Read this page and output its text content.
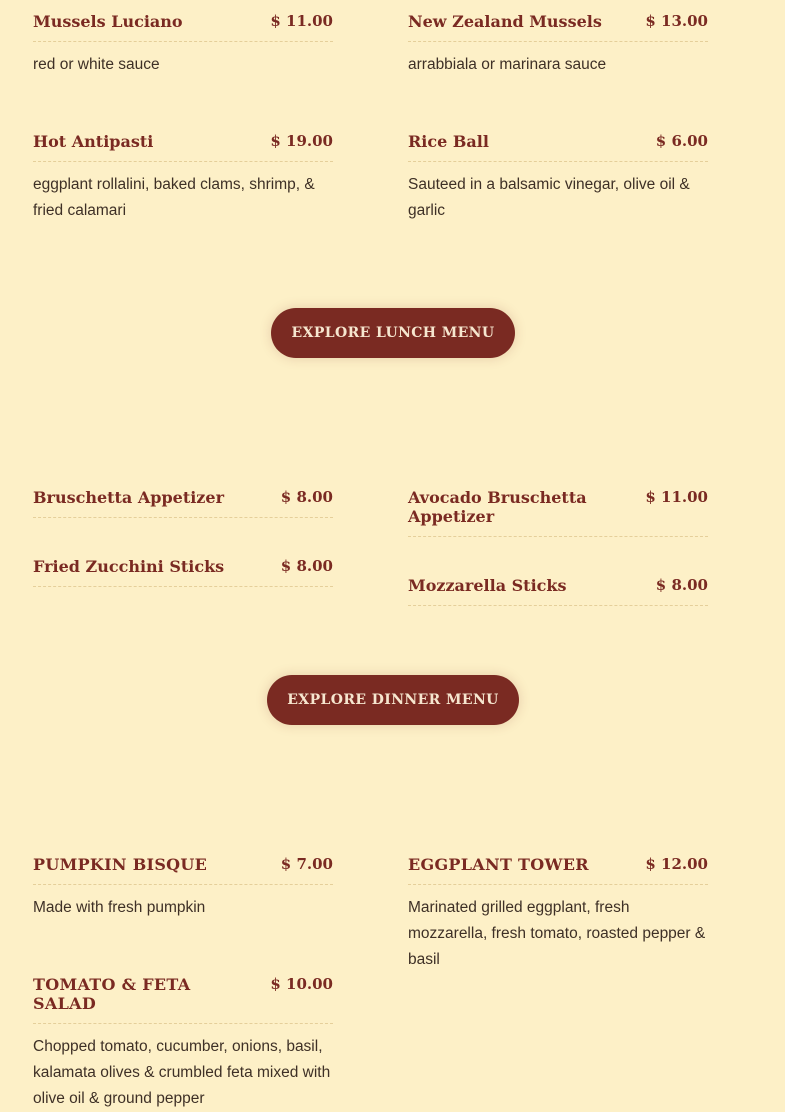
Mussels Luciano	$ 11.00
red or white sauce
Hot Antipasti	$ 19.00
eggplant rollalini, baked clams, shrimp, & fried calamari
New Zealand Mussels	$ 13.00
arrabbiala or marinara sauce
Rice Ball	$ 6.00
Sauteed in a balsamic vinegar, olive oil & garlic
EXPLORE LUNCH MENU
Bruschetta Appetizer	$ 8.00
Fried Zucchini Sticks	$ 8.00
Avocado Bruschetta Appetizer
$ 11.00
Mozzarella Sticks	$ 8.00
EXPLORE DINNER MENU
PUMPKIN BISQUE	$ 7.00
Made with fresh pumpkin
TOMATO & FETA SALAD
$ 10.00
Chopped tomato, cucumber, onions, basil, kalamata olives & crumbled feta mixed with olive oil & ground pepper
EGGPLANT TOWER	$ 12.00
Marinated grilled eggplant, fresh mozzarella, fresh tomato, roasted pepper & basil
